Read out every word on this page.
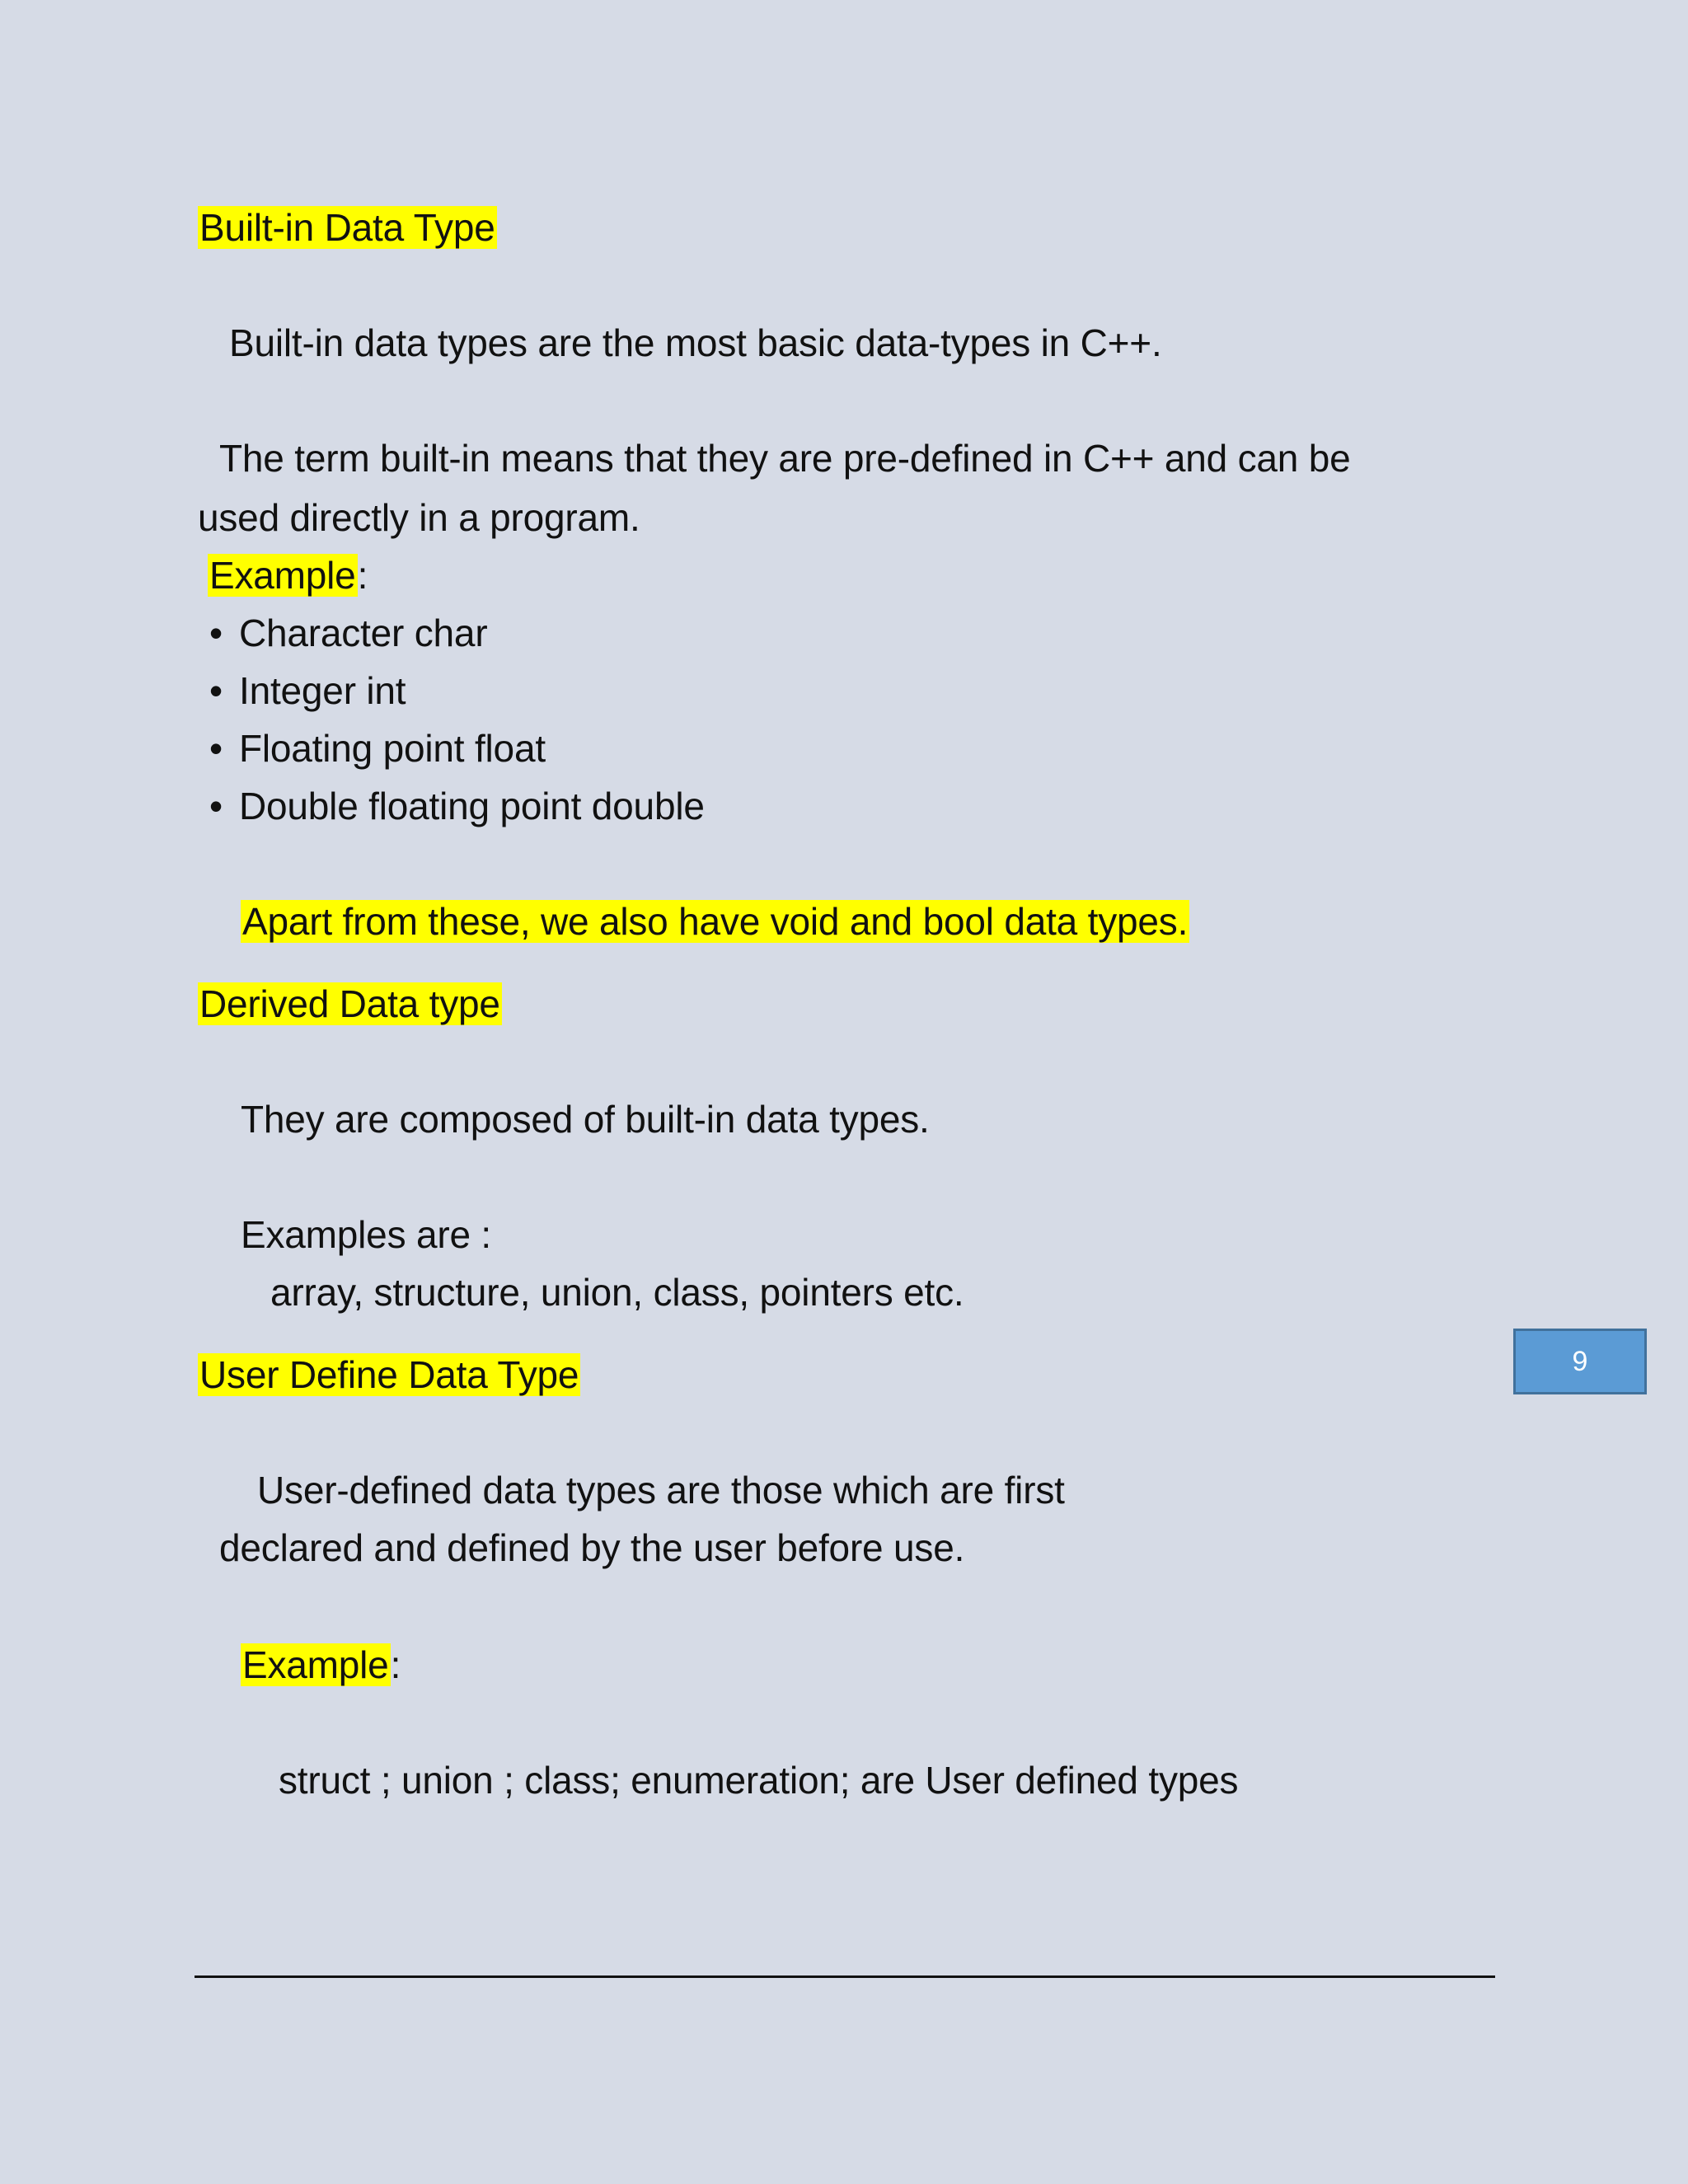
Built-in Data Type
Built-in data types are the most basic data-types in C++.
The term built-in means that they are pre-defined in C++ and can be
used directly in a program.
Example:
• Character char
• Integer int
• Floating point float
• Double floating point double
Apart from these, we also have void and bool data types.
Derived Data type
They are composed of built-in data types.
Examples are :
array, structure, union, class, pointers etc.
User Define Data Type
User-defined data types are those which are first
declared and defined by the user before use.
Example:
struct ; union ; class; enumeration; are User defined types
9
